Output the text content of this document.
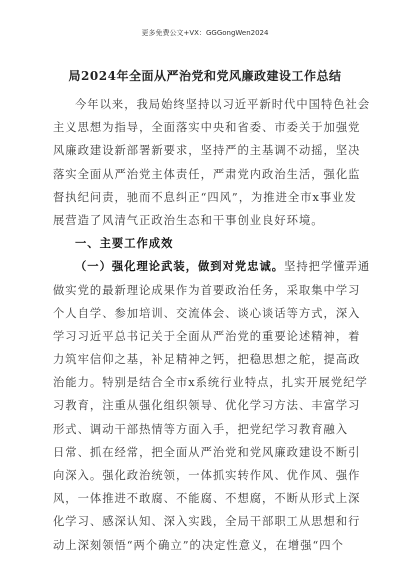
更多免费公文+VX：GGGongWen2024
局2024年全面从严治党和党风廉政建设工作总结
今年以来，我局始终坚持以习近平新时代中国特色社会
主义思想为指导，全面落实中央和省委、市委关于加强党
风廉政建设新部署新要求，坚持严的主基调不动摇，坚决
落实全面从严治党主体责任，严肃党内政治生活，强化监
督执纪问责，驰而不息纠正“四风”，为推进全市x事业发
展营造了风清气正政治生态和干事创业良好环境。
一、主要工作成效
（一）强化理论武装，做到对党忠诚。坚持把学懂弄通
做实党的最新理论成果作为首要政治任务，采取集中学习
个人自学、参加培训、交流体会、谈心谈话等方式，深入
学习习近平总书记关于全面从严治党的重要论述精神，着
力筑牢信仰之基，补足精神之钙，把稳思想之舵，提高政
治能力。特别是结合全市x系统行业特点，扎实开展党纪学
习教育，注重从强化组织领导、优化学习方法、丰富学习
形式、调动干部热情等方面入手，把党纪学习教育融入
日常、抓在经常，把全面从严治党和党风廉政建设不断引
向深入。强化政治统领，一体抓实转作风、优作风、强作
风，一体推进不敢腐、不能腐、不想腐，不断从形式上深
化学习、感深认知、深入实践，全局干部职工从思想和行
动上深刻领悟“两个确立”的决定性意义，在增强“四个
